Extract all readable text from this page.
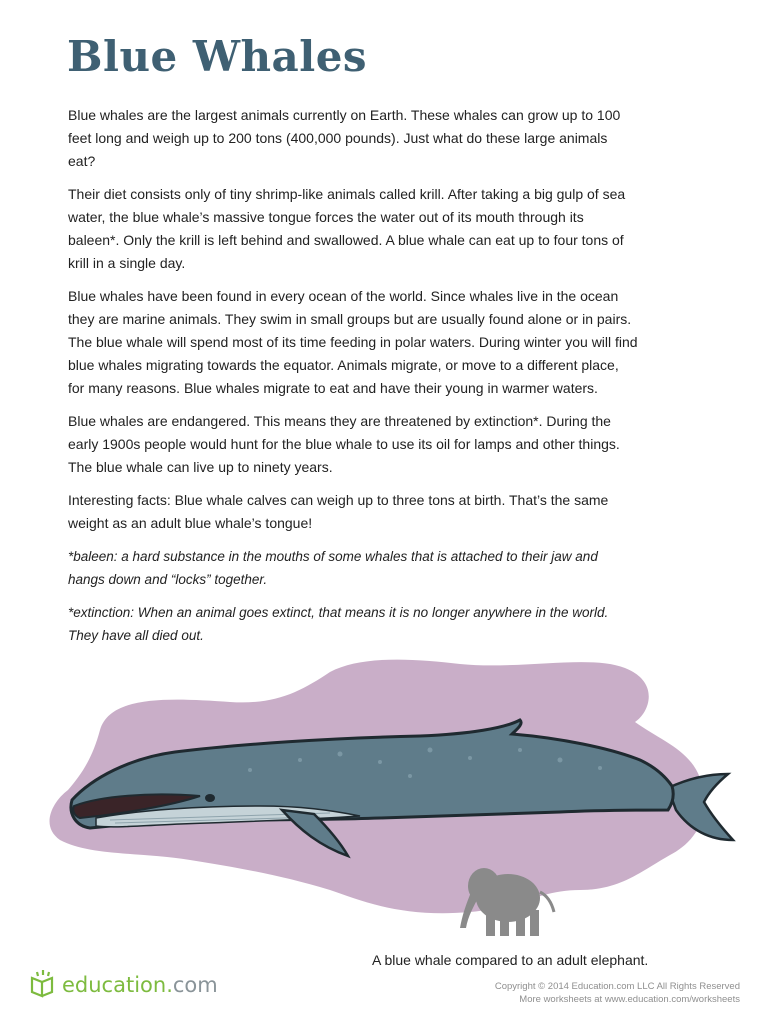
Blue Whales

Blue whales are the largest animals currently on Earth. These whales can grow up to 100 feet long and weigh up to 200 tons (400,000 pounds). Just what do these large animals eat?

Their diet consists only of tiny shrimp-like animals called krill. After taking a big gulp of sea water, the blue whale’s massive tongue forces the water out of its mouth through its baleen*. Only the krill is left behind and swallowed. A blue whale can eat up to four tons of krill in a single day.

Blue whales have been found in every ocean of the world. Since whales live in the ocean they are marine animals. They swim in small groups but are usually found alone or in pairs. The blue whale will spend most of its time feeding in polar waters. During winter you will find blue whales migrating towards the equator. Animals migrate, or move to a different place, for many reasons. Blue whales migrate to eat and have their young in warmer waters.

Blue whales are endangered. This means they are threatened by extinction*. During the early 1900s people would hunt for the blue whale to use its oil for lamps and other things. The blue whale can live up to ninety years.

Interesting facts: Blue whale calves can weigh up to three tons at birth. That’s the same weight as an adult blue whale’s tongue!

*baleen: a hard substance in the mouths of some whales that is attached to their jaw and hangs down and “locks” together.

*extinction: When an animal goes extinct, that means it is no longer anywhere in the world. They have all died out.

A blue whale compared to an adult elephant.
education . com	Copyright © 2014 Education.com LLC All Rights Reserved
More worksheets at www.education.com/worksheets
